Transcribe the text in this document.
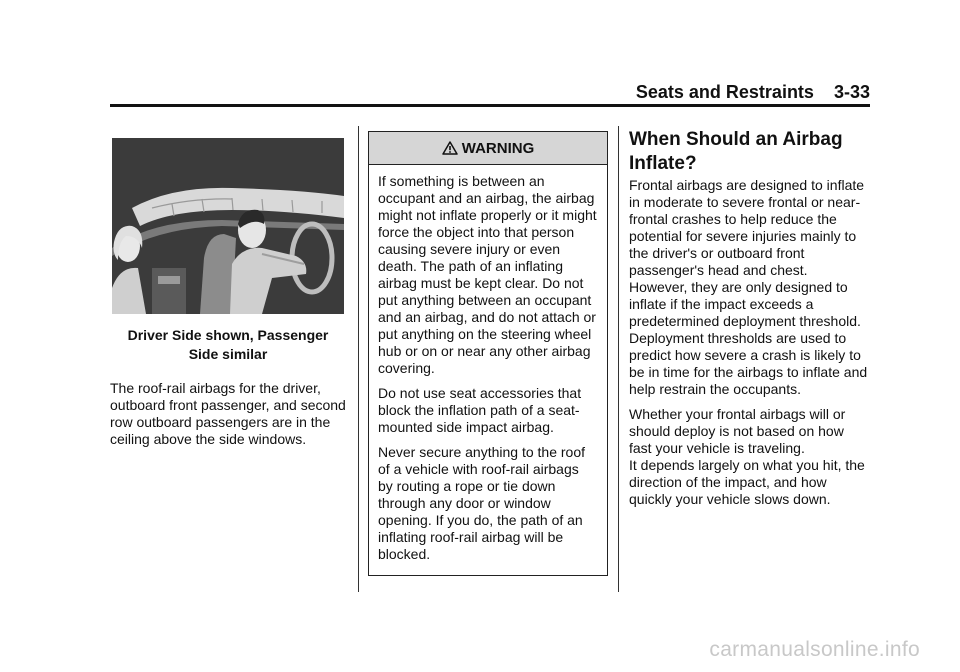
Seats and Restraints 3-33
Driver Side shown, Passenger
Side similar
The roof-rail airbags for the driver, outboard front passenger, and second row outboard passengers are in the ceiling above the side windows.
WARNING

If something is between an occupant and an airbag, the airbag might not inflate properly or it might force the object into that person causing severe injury or even death. The path of an inflating airbag must be kept clear. Do not put anything between an occupant and an airbag, and do not attach or put anything on the steering wheel hub or on or near any other airbag covering.

Do not use seat accessories that block the inflation path of a seat-mounted side impact airbag.

Never secure anything to the roof of a vehicle with roof-rail airbags by routing a rope or tie down through any door or window opening. If you do, the path of an inflating roof-rail airbag will be blocked.

When Should an Airbag Inflate?

Frontal airbags are designed to inflate in moderate to severe frontal or near-frontal crashes to help reduce the potential for severe injuries mainly to the driver's or outboard front passenger's head and chest. However, they are only designed to inflate if the impact exceeds a predetermined deployment threshold. Deployment thresholds are used to predict how severe a crash is likely to be in time for the airbags to inflate and help restrain the occupants.

Whether your frontal airbags will or should deploy is not based on how fast your vehicle is traveling.

It depends largely on what you hit, the direction of the impact, and how quickly your vehicle slows down.

carmanualsonline.info
